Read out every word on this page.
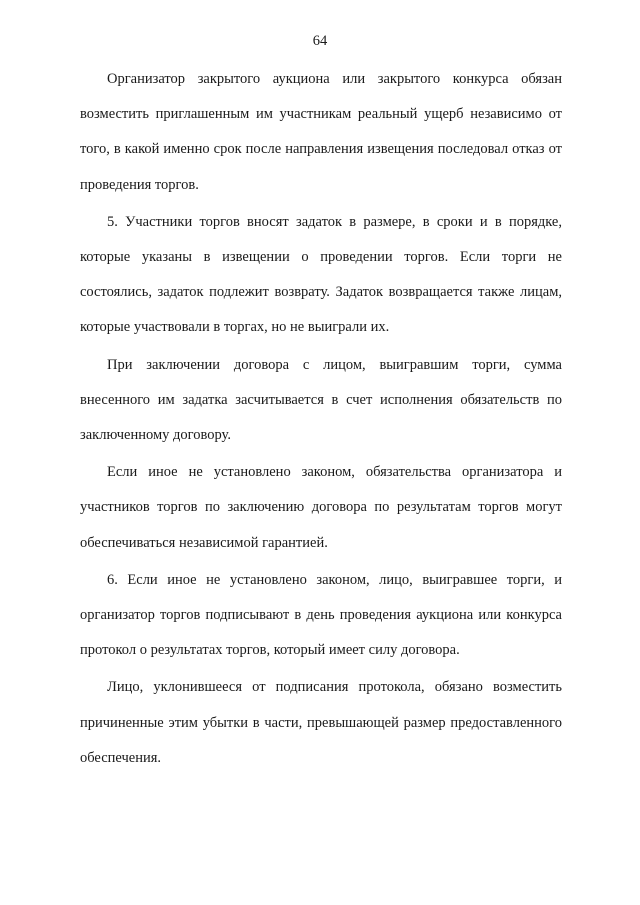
64

Организатор закрытого аукциона или закрытого конкурса обязан возместить приглашенным им участникам реальный ущерб независимо от того, в какой именно срок после направления извещения последовал отказ от проведения торгов.

5. Участники торгов вносят задаток в размере, в сроки и в порядке, которые указаны в извещении о проведении торгов. Если торги не состоялись, задаток подлежит возврату. Задаток возвращается также лицам, которые участвовали в торгах, но не выиграли их.

При заключении договора с лицом, выигравшим торги, сумма внесенного им задатка засчитывается в счет исполнения обязательств по заключенному договору.

Если иное не установлено законом, обязательства организатора и участников торгов по заключению договора по результатам торгов могут обеспечиваться независимой гарантией.

6. Если иное не установлено законом, лицо, выигравшее торги, и организатор торгов подписывают в день проведения аукциона или конкурса протокол о результатах торгов, который имеет силу договора.

Лицо, уклонившееся от подписания протокола, обязано возместить причиненные этим убытки в части, превышающей размер предоставленного обеспечения.
